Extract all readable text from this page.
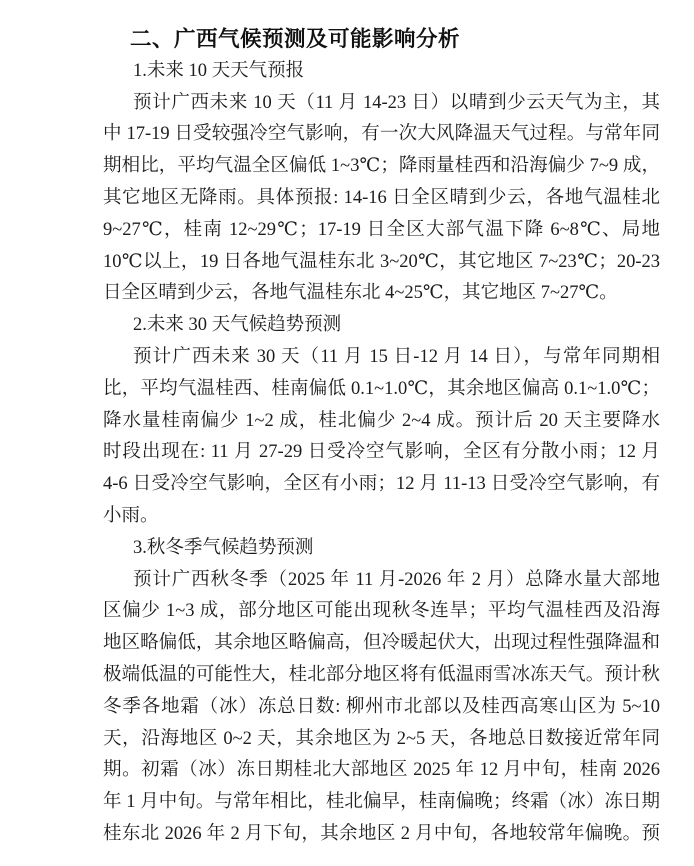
二、广西气候预测及可能影响分析
1.未来 10 天天气预报
预计广西未来 10 天（11 月 14-23 日）以晴到少云天气为主，其
中 17-19 日受较强冷空气影响，有一次大风降温天气过程。与常年同
期相比，平均气温全区偏低 1~3℃；降雨量桂西和沿海偏少 7~9 成，
其它地区无降雨。具体预报: 14-16 日全区晴到少云，各地气温桂北
9~27℃，桂南 12~29℃；17-19 日全区大部气温下降 6~8℃、局地
10℃以上，19 日各地气温桂东北 3~20℃，其它地区 7~23℃；20-23
日全区晴到少云，各地气温桂东北 4~25℃，其它地区 7~27℃。
2.未来 30 天气候趋势预测
预计广西未来 30 天（11 月 15 日-12 月 14 日），与常年同期相
比，平均气温桂西、桂南偏低 0.1~1.0℃，其余地区偏高 0.1~1.0℃；
降水量桂南偏少 1~2 成，桂北偏少 2~4 成。预计后 20 天主要降水
时段出现在: 11 月 27-29 日受冷空气影响，全区有分散小雨；12 月
4-6 日受冷空气影响，全区有小雨；12 月 11-13 日受冷空气影响，有
小雨。
3.秋冬季气候趋势预测
预计广西秋冬季（2025 年 11 月-2026 年 2 月）总降水量大部地
区偏少 1~3 成，部分地区可能出现秋冬连旱；平均气温桂西及沿海
地区略偏低，其余地区略偏高，但冷暖起伏大，出现过程性强降温和
极端低温的可能性大，桂北部分地区将有低温雨雪冰冻天气。预计秋
冬季各地霜（冰）冻总日数: 柳州市北部以及桂西高寒山区为 5~10
天，沿海地区 0~2 天，其余地区为 2~5 天，各地总日数接近常年同
期。初霜（冰）冻日期桂北大部地区 2025 年 12 月中旬，桂南 2026
年 1 月中旬。与常年相比，桂北偏早，桂南偏晚；终霜（冰）冻日期
桂东北 2026 年 2 月下旬，其余地区 2 月中旬，各地较常年偏晚。预
